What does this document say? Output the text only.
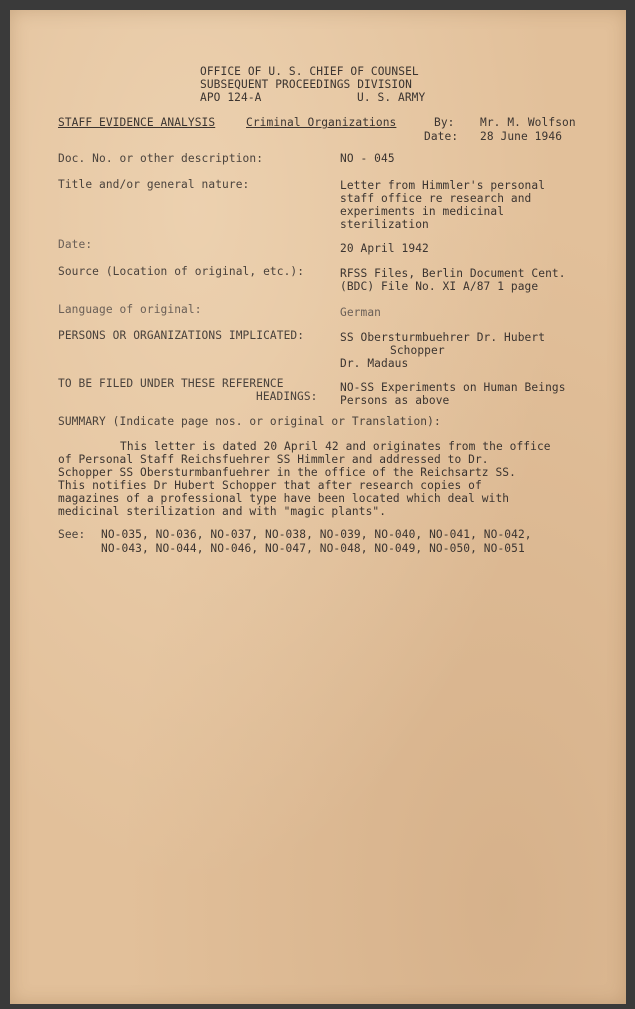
OFFICE OF U. S. CHIEF OF COUNSEL
SUBSEQUENT PROCEEDINGS DIVISION
APO 124-A	U. S. ARMY
STAFF EVIDENCE ANALYSIS	Criminal Organizations	By: Mr. M. Wolfson
Date: 28 June 1946
Doc. No. or other description:	NO - 045
Title and/or general nature:	Letter from Himmler's personal
staff office re research and
experiments in medicinal
sterilization
Date:	20 April 1942
Source (Location of original, etc.):	RFSS Files, Berlin Document Cent.
(BDC) File No. XI A/87 1 page
Language of original:	German
PERSONS OR ORGANIZATIONS IMPLICATED:	SS Obersturmbuehrer Dr. Hubert
Schopper
Dr. Madaus
TO BE FILED UNDER THESE REFERENCE
HEADINGS:
NO-SS Experiments on Human Beings
Persons as above
SUMMARY (Indicate page nos. or original or Translation):
This letter is dated 20 April 42 and originates from the office
of Personal Staff Reichsfuehrer SS Himmler and addressed to Dr.
Schopper SS Obersturmbanfuehrer in the office of the Reichsartz SS.
This notifies Dr Hubert Schopper that after research copies of
magazines of a professional type have been located which deal with
medicinal sterilization and with "magic plants".
See: NO-035, NO-036, NO-037, NO-038, NO-039, NO-040, NO-041, NO-042,
NO-043, NO-044, NO-046, NO-047, NO-048, NO-049, NO-050, NO-051
